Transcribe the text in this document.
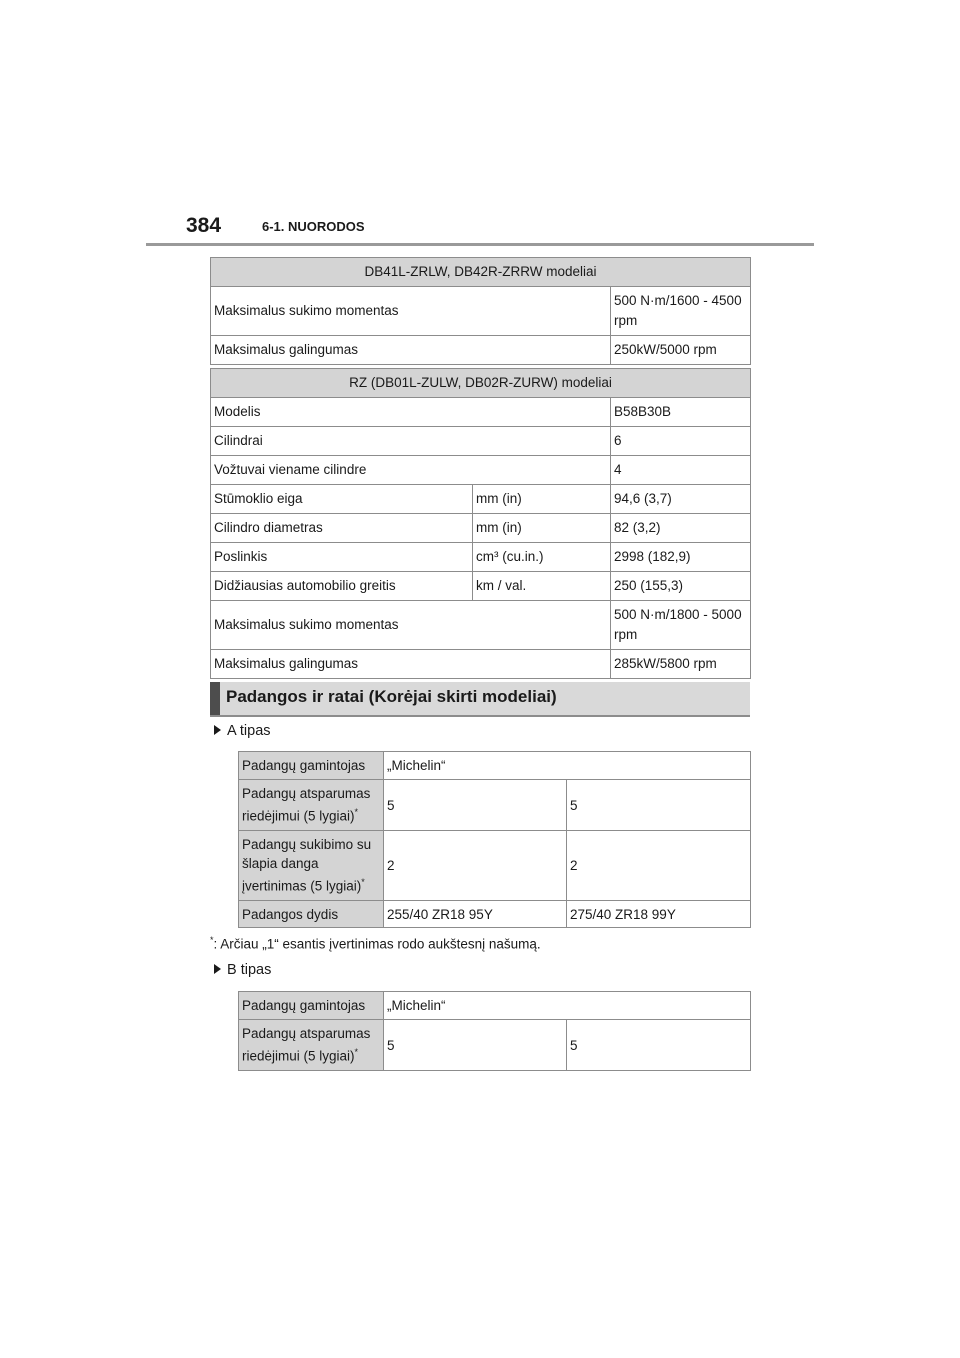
384	6-1. NUORODOS
DB41L-ZRLW, DB42R-ZRRW modeliai	
Maksimalus sukimo momentas	500 N·m/1600 - 4500 rpm
Maksimalus galingumas	250kW/5000 rpm
RZ (DB01L-ZULW, DB02R-ZURW) modeliai		
Modelis		B58B30B
Cilindrai		6
Vožtuvai viename cilindre		4
Stūmoklio eiga	mm (in)	94,6 (3,7)
Cilindro diametras	mm (in)	82 (3,2)
Poslinkis	cm³ (cu.in.)	2998 (182,9)
Didžiausias automobilio greitis	km / val.	250 (155,3)
Maksimalus sukimo momentas		500 N·m/1800 - 5000 rpm
Maksimalus galingumas		285kW/5800 rpm
Padangos ir ratai (Korėjai skirti modeliai)
A tipas
Padangų gamintojas	„Michelin“	
Padangų atsparumas riedėjimui (5 lygiai)*	5	5
Padangų sukibimo su šlapia danga įvertinimas (5 lygiai)*	2	2
Padangos dydis	255/40 ZR18 95Y	275/40 ZR18 99Y
*: Arčiau „1“ esantis įvertinimas rodo aukštesnį našumą.
B tipas
Padangų gamintojas	„Michelin“	
Padangų atsparumas riedėjimui (5 lygiai)*	5	5
